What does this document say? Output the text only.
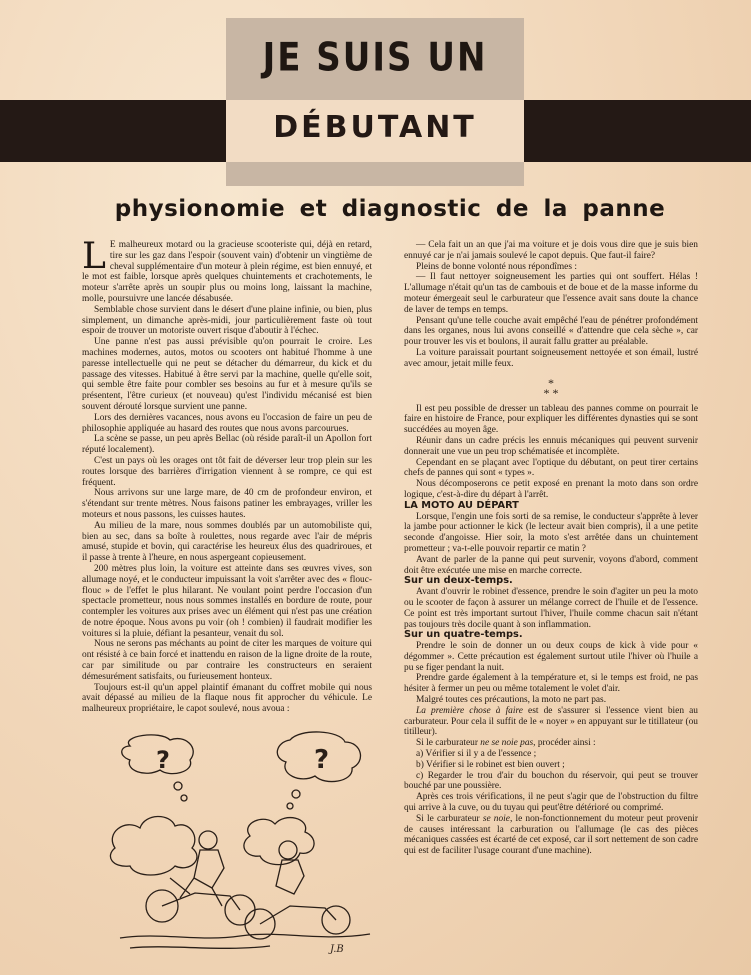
JE SUIS UN
DÉBUTANT
physionomie et diagnostic de la panne

L E malheureux motard ou la gracieuse scooteriste qui, déjà en retard, tire sur les gaz dans l'espoir (souvent vain) d'obtenir un vingtième de cheval supplémentaire d'un moteur à plein régime, est bien ennuyé, et le mot est faible, lorsque après quelques chuintements et crachotements, le moteur s'arrête après un soupir plus ou moins long, laissant la machine, molle, poursuivre une lancée désabusée.

Semblable chose survient dans le désert d'une plaine infinie, ou bien, plus simplement, un dimanche après-midi, jour particulièrement faste où tout espoir de trouver un motoriste ouvert risque d'aboutir à l'échec.

Une panne n'est pas aussi prévisible qu'on pourrait le croire. Les machines modernes, autos, motos ou scooters ont habitué l'homme à une paresse intellectuelle qui ne peut se détacher du démarreur, du kick et du passage des vitesses. Habitué à être servi par la machine, quelle qu'elle soit, qui semble être faite pour combler ses besoins au fur et à mesure qu'ils se présentent, l'être curieux (et nouveau) qu'est l'individu mécanisé est bien souvent dérouté lorsque survient une panne.

Lors des dernières vacances, nous avons eu l'occasion de faire un peu de philosophie appliquée au hasard des routes que nous avons parcourues.

La scène se passe, un peu après Bellac (où réside paraît-il un Apollon fort réputé localement).

C'est un pays où les orages ont tôt fait de déverser leur trop plein sur les routes lorsque des barrières d'irrigation viennent à se rompre, ce qui est fréquent.

Nous arrivons sur une large mare, de 40 cm de profondeur environ, et s'étendant sur trente mètres. Nous faisons patiner les embrayages, vriller les moteurs et nous passons, les cuisses hautes.

Au milieu de la mare, nous sommes doublés par un automobiliste qui, bien au sec, dans sa boîte à roulettes, nous regarde avec l'air de mépris amusé, stupide et bovin, qui caractérise les heureux élus des quadriroues, et il passe à trente à l'heure, en nous aspergeant copieusement.

200 mètres plus loin, la voiture est atteinte dans ses œuvres vives, son allumage noyé, et le conducteur impuissant la voit s'arrêter avec des « flouc-flouc » de l'effet le plus hilarant. Ne voulant point perdre l'occasion d'un spectacle prometteur, nous nous sommes installés en bordure de route, pour contempler les voitures aux prises avec un élément qui n'est pas une création de notre époque. Nous avons pu voir (oh ! combien) il faudrait modifier les voitures si la pluie, défiant la pesanteur, venait du sol.

Nous ne serons pas méchants au point de citer les marques de voiture qui ont résisté à ce bain forcé et inattendu en raison de la ligne droite de la route, car par similitude ou par contraire les constructeurs en seraient démesurément satisfaits, ou furieusement honteux.

Toujours est-il qu'un appel plaintif émanant du coffret mobile qui nous avait dépassé au milieu de la flaque nous fit approcher du véhicule. Le malheureux propriétaire, le capot soulevé, nous avoua :

?	?
J.B

— Cela fait un an que j'ai ma voiture et je dois vous dire que je suis bien ennuyé car je n'ai jamais soulevé le capot depuis. Que faut-il faire?

Pleins de bonne volonté nous répondîmes :

— Il faut nettoyer soigneusement les parties qui ont souffert. Hélas ! L'allumage n'était qu'un tas de cambouis et de boue et de la masse informe du moteur émergeait seul le carburateur que l'essence avait sans doute la chance de laver de temps en temps.

Pensant qu'une telle couche avait empêché l'eau de pénétrer profondément dans les organes, nous lui avons conseillé « d'attendre que cela sèche », car pour trouver les vis et boulons, il aurait fallu gratter au préalable.

La voiture paraissait pourtant soigneusement nettoyée et son émail, lustré avec amour, jetait mille feux.

*
* *

Il est peu possible de dresser un tableau des pannes comme on pourrait le faire en histoire de France, pour expliquer les différentes dynasties qui se sont succédées au moyen âge.

Réunir dans un cadre précis les ennuis mécaniques qui peuvent survenir donnerait une vue un peu trop schématisée et incomplète.

Cependant en se plaçant avec l'optique du débutant, on peut tirer certains chefs de pannes qui sont « types ».

Nous décomposerons ce petit exposé en prenant la moto dans son ordre logique, c'est-à-dire du départ à l'arrêt.

LA MOTO AU DÉPART

Lorsque, l'engin une fois sorti de sa remise, le conducteur s'apprête à lever la jambe pour actionner le kick (le lecteur avait bien compris), il a une petite seconde d'angoisse. Hier soir, la moto s'est arrêtée dans un chuintement prometteur ; va-t-elle pouvoir repartir ce matin ?

Avant de parler de la panne qui peut survenir, voyons d'abord, comment doit être exécutée une mise en marche correcte.

Sur un deux-temps.

Avant d'ouvrir le robinet d'essence, prendre le soin d'agiter un peu la moto ou le scooter de façon à assurer un mélange correct de l'huile et de l'essence. Ce point est très important surtout l'hiver, l'huile comme chacun sait n'étant pas toujours très docile quant à son inflammation.

Sur un quatre-temps.

Prendre le soin de donner un ou deux coups de kick à vide pour « dégommer ». Cette précaution est également surtout utile l'hiver où l'huile a pu se figer pendant la nuit.

Prendre garde également à la température et, si le temps est froid, ne pas hésiter à fermer un peu ou même totalement le volet d'air.

Malgré toutes ces précautions, la moto ne part pas.

La première chose à faire est de s'assurer si l'essence vient bien au carburateur. Pour cela il suffit de le « noyer » en appuyant sur le titillateur (ou titilleur).

Si le carburateur ne se noie pas, procéder ainsi :

a) Vérifier si il y a de l'essence ;

b) Vérifier si le robinet est bien ouvert ;

c) Regarder le trou d'air du bouchon du réservoir, qui peut se trouver bouché par une poussière.

Après ces trois vérifications, il ne peut s'agir que de l'obstruction du filtre qui arrive à la cuve, ou du tuyau qui peut'être détérioré ou comprimé.

Si le carburateur se noie, le non-fonctionnement du moteur peut provenir de causes intéressant la carburation ou l'allumage (le cas des pièces mécaniques cassées est écarté de cet exposé, car il sort nettement de son cadre qui est de faciliter l'usage courant d'une machine).
